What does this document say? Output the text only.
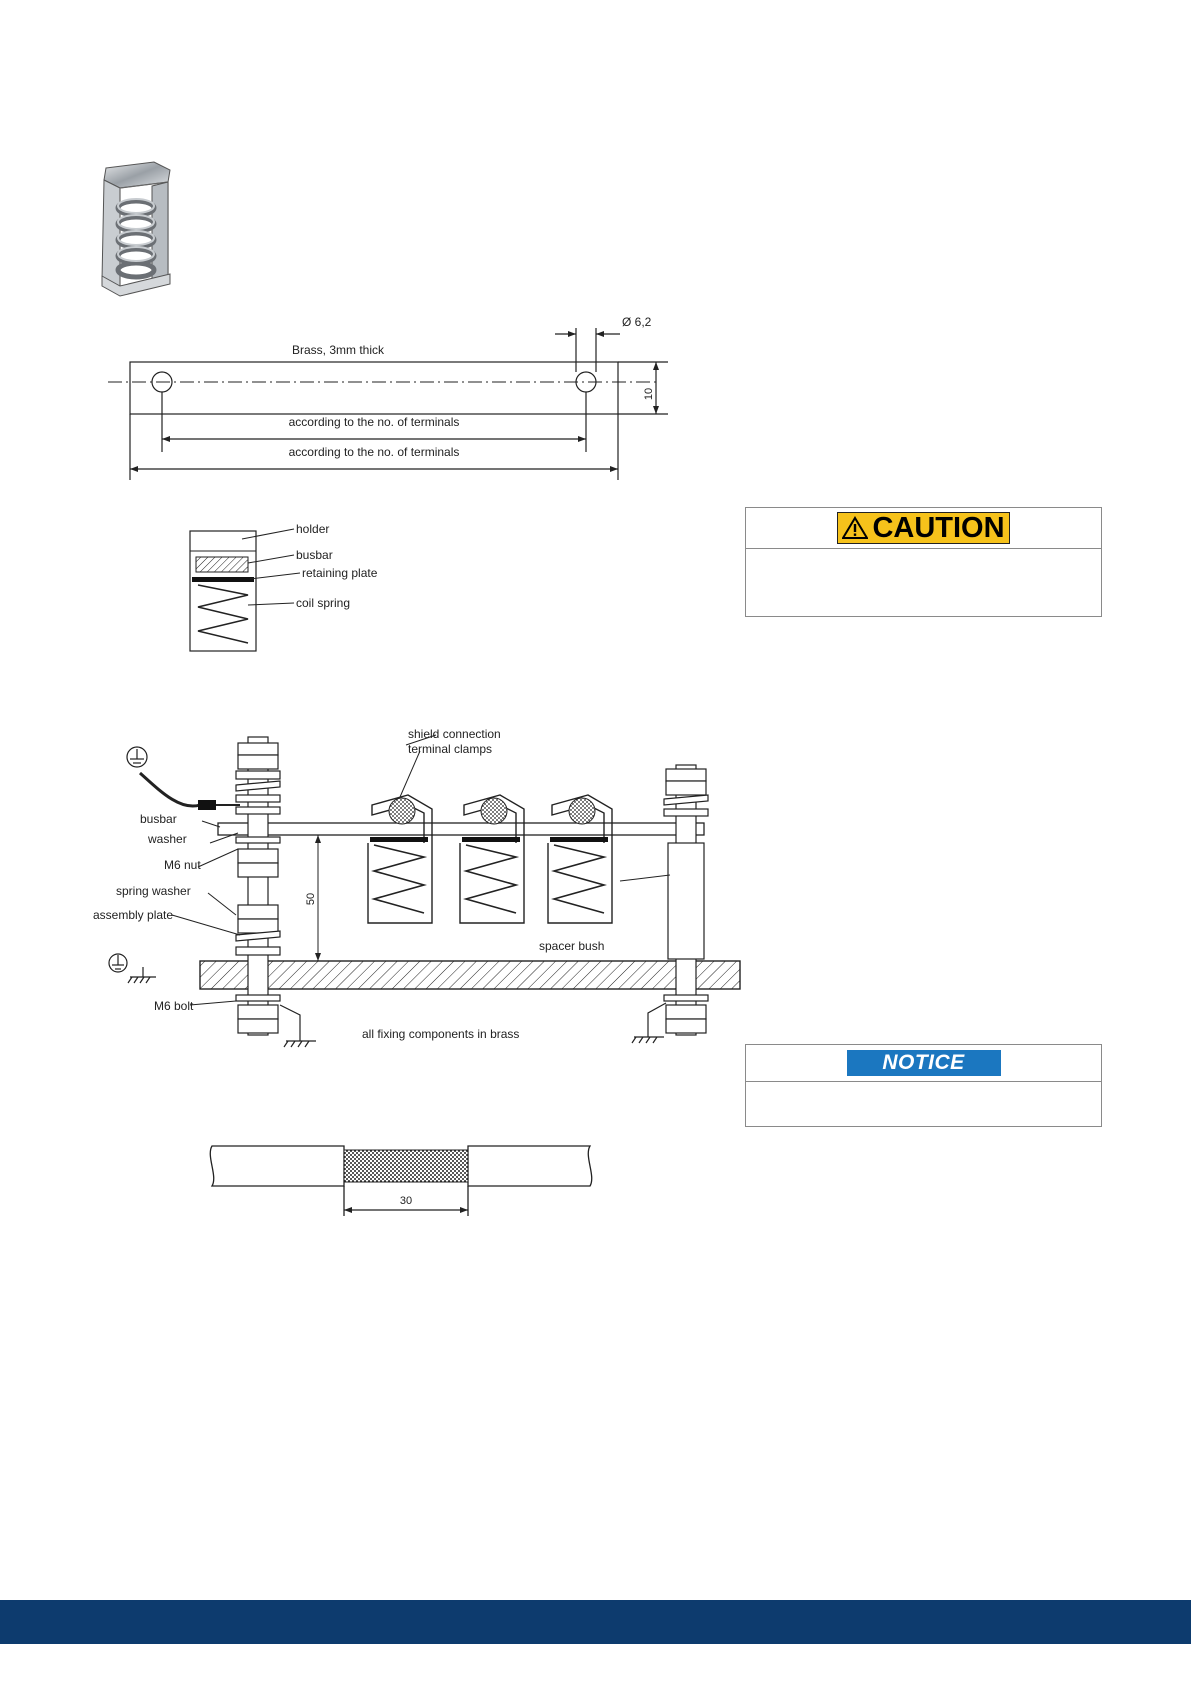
Brass, 3mm thick
Ø 6,2
10
according to the no. of terminals
according to the no. of terminals
holder
busbar
retaining plate
coil spring
shield connection
terminal clamps
busbar
washer
M6 nut
spring washer
assembly plate
M6 bolt
50
spacer bush
all fixing components in brass
30
CAUTION
NOTICE
